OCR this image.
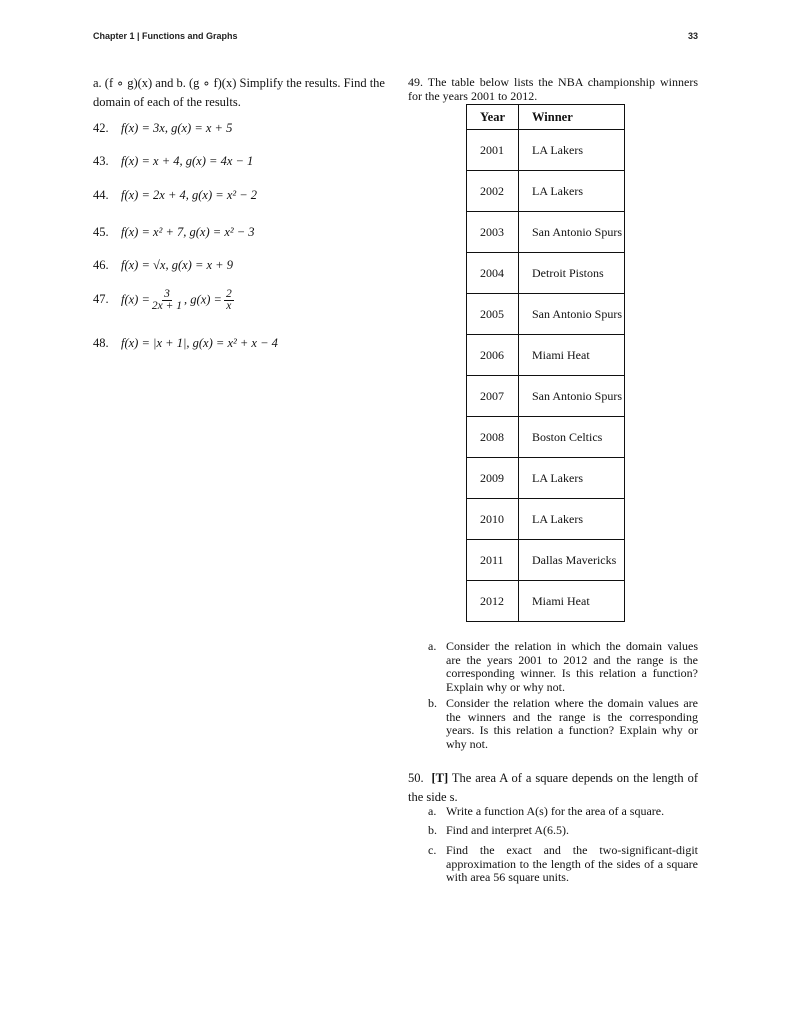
Chapter 1 | Functions and Graphs	33
a. (f ∘ g)(x) and b. (g ∘ f)(x) Simplify the results. Find the
domain of each of the results.
42. f(x) = 3x, g(x) = x + 5
43. f(x) = x + 4, g(x) = 4x − 1
44. f(x) = 2x + 4, g(x) = x² − 2
45. f(x) = x² + 7, g(x) = x² − 3
46. f(x) = √x, g(x) = x + 9
47. $f(x) = \frac{3}{2x + 1}$ , $g(x) = \frac{2}{x}$
48. f(x) = |x + 1|, g(x) = x² + x − 4
49. The table below lists the NBA championship winners for the years 2001 to 2012.
Year	Winner
2001	LA Lakers
2002	LA Lakers
2003	San Antonio Spurs
2004	Detroit Pistons
2005	San Antonio Spurs
2006	Miami Heat
2007	San Antonio Spurs
2008	Boston Celtics
2009	LA Lakers
2010	LA Lakers
2011	Dallas Mavericks
2012	Miami Heat
a. Consider the relation in which the domain values are the years 2001 to 2012 and the range is the corresponding winner. Is this relation a function? Explain why or why not.
b. Consider the relation where the domain values are the winners and the range is the corresponding years. Is this relation a function? Explain why or why not.
50. [T] The area A of a square depends on the length of the side s.
a. Write a function A(s) for the area of a square.
b. Find and interpret A(6.5).
c. Find the exact and the two-significant-digit approximation to the length of the sides of a square with area 56 square units.
